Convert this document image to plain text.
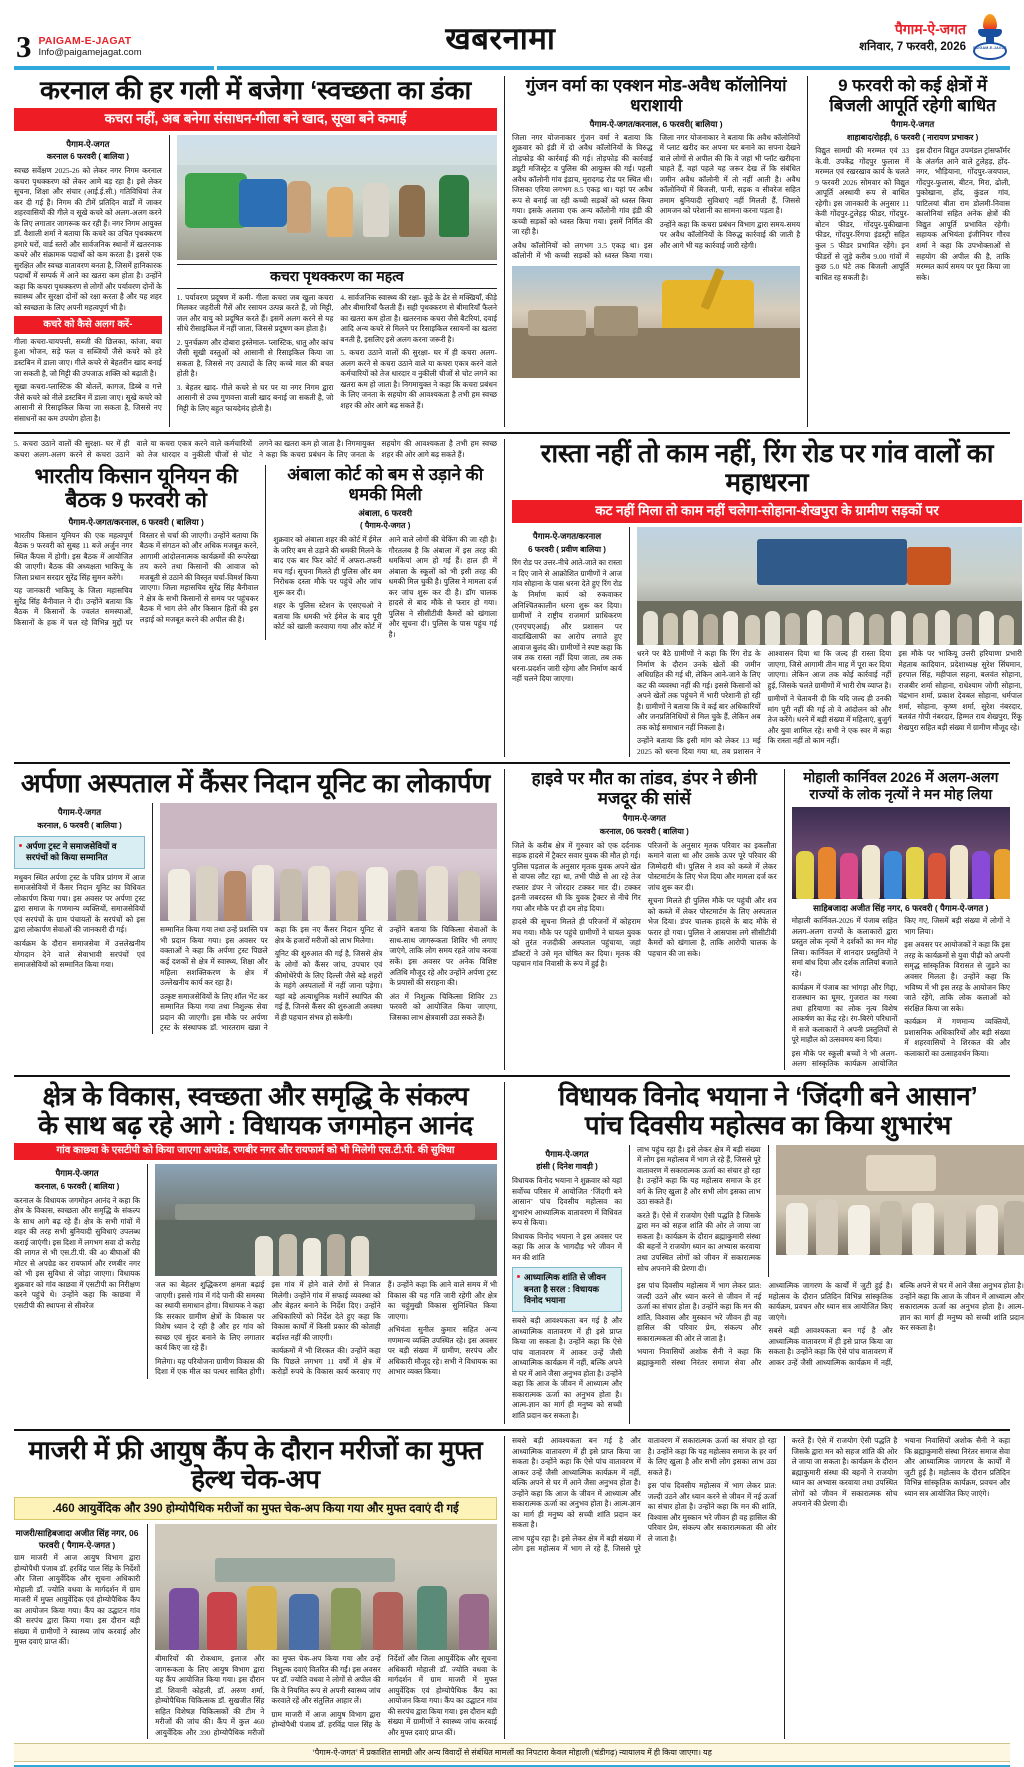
3 PAIGAM-E-JAGAT
Info@paigamejagat.com	खबरनामा	पैगाम-ऐ-जगत
शनिवार, 7 फरवरी, 2026 PAIGAM-E-JAGAT
करनाल की हर गली में बजेगा ‘स्वच्छता का डंका
कचरा नहीं, अब बनेगा संसाधन-गीला बने खाद, सूखा बने कमाई
पैगाम-ऐ-जगत
करनाल 6 फरवरी ( बालिया )

स्वच्छ सर्वेक्षण 2025-26 को लेकर नगर निगम करनाल कचरा पृथक्करण को लेकर आमे बड़ रहा है। इसे लेकर सूचना, शिक्षा और संचार (आई.ई.सी.) गतिविधियां तेज कर दी गई हैं। निगम की टीमें प्रतिदिन वार्डों में जाकर शहरवासियों की गीले व सूखे कचरे को अलग-अलग करने के लिए लगातार जागरूक कर रही हैं। नगर निगम आयुक्त डॉ. वैशाली शर्मा ने बताया कि कचरे का उचित पृथक्करण हमारे घरों, वार्ड स्तरों और सार्वजनिक स्थानों में खतरनाक कचरे और संक्रामक पदार्थों को कम करता है। इससे एक सुरक्षित और स्वच्छ वातावरण बनता है, जिसमें हानिकारक पदार्थों में सम्पर्क में आने का खतरा कम होता है। उन्होंने कहा कि कचरा पृथक्करण से लोगों और पर्यावरण दोनों के स्वास्थ्य और सुरक्षा दोनों को रक्षा करता है और यह शहर को स्वच्छता के लिए अपनी महत्वपूर्ण भी है।

कचरे को कैसे अलग करें-

गीला कचरा-चायपत्ती, सब्जी की छिलका, कांजा, बचा हुआ भोजन, सड़े फल व सब्जियों जैसे कचरे को हरे डस्टबिन में डाला जाए। गीले कचरे से बेहतरीन खाद बनाई जा सकती है, जो मिट्टी की उपजाऊ शक्ति को बढ़ाती है।

सूखा कचरा-प्लास्टिक की बोतलें, कागज, डिब्बे व गत्ते जैसे कचरे को नीले डस्टबिन में डाला जाए। सूखे कचरे को आसानी से रिसाइकिल किया जा सकता है, जिससे नए संसाधनों का कम उपयोग होता है।

कचरा पृथक्करण का महत्व

1. पर्यावरण प्रदूषण में कमी- गीला कचरा जब खुला कचरा मिलकर जहरीली गैसें और रसायन उत्पन्न करते हैं, जो मिट्टी, जल और वायु को प्रदूषित करते हैं। इसमें अलग करने से यह सीधे रीसाइकिल में नहीं जाता, जिससे प्रदूषण कम होता है।

2. पुनर्चक्रण और दोबारा इस्तेमाल- प्लास्टिक, धातु और कांच जैसी सूखी वस्तुओं को आसानी से रिसाइकिल किया जा सकता है, जिससे नए उत्पादों के लिए कच्चे माल की बचत होती है।

3. बेहतर खाद- गीले कचरे से घर पर या नगर निगम द्वारा आसानी से उच्च गुणवत्ता वाली खाद बनाई जा सकती है, जो मिट्टी के लिए बहुत फायदेमंद होती है।

4. सार्वजनिक स्वास्थ्य की रक्षा- कूड़े के ढेर से मक्खियाँ, कीड़े और बीमारियाँ फैलती हैं। सही पृथक्करण से बीमारियाँ फैलने का खतरा कम होता है। खतरनाक कचरा जैसे बैटरियां, दवाई आदि अन्य कचरे से मिलने पर रिसाइकिल रसायनों का खतरा बनती है, इसलिए इसे अलग करना जरूरी है।

5. कचरा उठाने वालों की सुरक्षा- घर में ही कचरा अलग-अलग करने से कचरा उठाने वाले या कचरा एकत्र करने वाले कर्मचारियों को तेज धारदार व नुकीली चीजों से चोट लगने का खतरा कम हो जाता है। निगमायुक्त ने कहा कि कचरा प्रबंधन के लिए जनता के सहयोग की आवश्यकता है तभी हम स्वच्छ शहर की ओर आगे बढ़ सकते हैं।

गुंजन वर्मा का एक्शन मोड-अवैध कॉलोनियां धराशायी
पैगाम-ऐ-जगत/करनाल, 6 फरवरी( बालिया )

जिला नगर योजनाकार गुंजन वर्मा ने बताया कि शुक्रवार को इंडी में दो अवैध कॉलोनियों के विरुद्ध तोड़फोड़ की कार्रवाई की गई। तोड़फोड़ की कार्रवाई ड्यूटी मजिस्ट्रेट व पुलिस की आयुक्त की गई। पहली अवैध कॉलोनी गांव इंडाच, मुरादगढ़ रोड पर स्थित थी। जिसका एरिया लगभग 8.5 एकड़ था। यहां पर अवैध रूप से बनाई जा रही कच्ची सड़कों को ध्वस्त किया गया। इसके अलावा एक अन्य कॉलोनी गांव इंडी की कच्ची सड़कों को ध्वस्त किया गया। इसमें निर्मित की जा रही है।

अवैध कॉलोनियों को लगभग 3.5 एकड़ था। इस कॉलोनी में भी कच्ची सड़कों को ध्वस्त किया गया। जिला नगर योजनाकार ने बताया कि अवैध कॉलोनियों में प्लाट खरीद कर अपना घर बनाने का सपना देखने वाले लोगों से अपील की कि वे जहां भी प्लॉट खरीदना चाहते हैं, वहां पहले यह जरूर देख लें कि संबंधित जमीन अवैध कॉलोनी में तो नहीं आती है। अवैध कॉलोनियों में बिजली, पानी, सड़क व सीवरेज सहित तमाम बुनियादी सुविधाएं नहीं मिलती हैं, जिससे आमजन को परेशानी का सामना करना पड़ता है।

उन्होंने कहा कि कचरा प्रबंधन विभाग द्वारा समय-समय पर अवैध कॉलोनियों के विरुद्ध कार्रवाई की जाती है और आगे भी यह कार्रवाई जारी रहेगी।

9 फरवरी को कई क्षेत्रों में बिजली आपूर्ति रहेगी बाधित
पैगाम-ऐ-जगत
शाहाबाद/रोहड़ी, 6 फरवरी ( नारायण प्रभाकर )

विद्युत सामग्री की मरम्मत एवं 33 के.वी. उपकेंद्र गोंदपुर फुलास में मरम्मत एवं रखरखाव कार्य के चलते 9 फरवरी 2026 सोमवार को विद्युत आपूर्ति अस्थायी रूप से बाधित रहेगी। इस जानकारी के अनुसार 11 केवी गोंदपुर-टुलेहड़ फीडर, गोंदपुर-बोटन फीडर, गोंदपुर-पुकीखाना फीडर, गोंदपुर-रिंगपा इंडस्ट्री सहित कुल 5 फीडर प्रभावित रहेंगे। इन फीडरों से जुड़े करीब 9.00 गांवों में कुछ 5.0 घंटे तक बिजली आपूर्ति बाधित रह सकती है।

इस दौरान विद्युत उपमंडल ट्रांसफॉर्मर के अंतर्गत आने वाले टुलेहड़, होंद-नगर, भौड़ियाना, गोंदपुर-जयपाल, गोंदपुर-फुलास, बीटन, मिरा, ढोली, पुकोखाना, होंद, कुंडल गांव, पाटिलयां बीता राम डोलमी-निवास कालोनियां सहित अनेक क्षेत्रों की विद्युत आपूर्ति प्रभावित रहेगी। सहायक अभियंता इंजीनियर गौरव शर्मा ने कहा कि उपभोक्ताओं से सहयोग की अपील की है, ताकि मरम्मत कार्य समय पर पूरा किया जा सके।

5. कचरा उठाने वालों की सुरक्षा- घर में ही कचरा अलग-अलग करने से कचरा उठाने वाले या कचरा एकत्र करने वाले कर्मचारियों को तेज धारदार व नुकीली चीजों से चोट लगने का खतरा कम हो जाता है। निगमायुक्त ने कहा कि कचरा प्रबंधन के लिए जनता के सहयोग की आवश्यकता है तभी हम स्वच्छ शहर की ओर आगे बढ़ सकते हैं।

भारतीय किसान यूनियन की बैठक 9 फरवरी को
पैगाम-ऐ-जगत/करनाल, 6 फरवरी ( बालिया )

भारतीय किसान यूनियन की एक महत्वपूर्ण बैठक 9 फरवरी को सुबह 11 बजे अर्जुन नगर स्थित कैंपस में होगी। इस बैठक में आयोजित की जाएगी। बैठक की अध्यक्षता भाकियू के जिला प्रधान सरदार सुरेंद्र सिंह सुमन करेंगे।

यह जानकारी भाकियू के जिला महासचिव सुरेंद्र सिंह बैनीवाल ने दी। उन्होंने बताया कि बैठक में किसानों के ज्वलंत समस्याओं, किसानों के हक में चल रहे विभिन्न मुद्दों पर विस्तार से चर्चा की जाएगी। उन्होंने बताया कि बैठक में संगठन को और अधिक मजबूत करने, आगामी आंदोलनात्मक कार्यक्रमों की रूपरेखा तय करने तथा किसानों की आवाज को मजबूती से उठाने की विस्तृत चर्चा-विमर्श किया जाएगा। जिला महासचिव सुरेंद्र सिंह बैनीवाल ने क्षेत्र के सभी किसानों से समय पर पहुंचकर बैठक में भाग लेने और किसान हितों की इस लड़ाई को मजबूत करने की अपील की है।

अंबाला कोर्ट को बम से उड़ाने की धमकी मिली
अंबाला, 6 फरवरी
( पैगाम-ऐ-जगत )

शुक्रवार को अंबाला शहर की कोर्ट में ईमेल के जरिए बम से उड़ाने की धमकी मिलने के बाद एक बार फिर कोर्ट में अफरा-तफरी मच गई। सूचना मिलते ही पुलिस और बम निरोधक दस्ता मौके पर पहुंचे और जांच शुरू कर दी।

शहर के पुलिस स्टेशन के एसएचओ ने बताया कि धमकी भरे ईमेल के बाद पूरी कोर्ट को खाली करवाया गया और कोर्ट में आने वाले लोगों की चेकिंग की जा रही है। गौरतलब है कि अंबाला में इस तरह की धमकियां आम हो गई हैं। हाल ही में अंबाला के स्कूलों को भी इसी तरह की धमकी मिल चुकी है। पुलिस ने मामला दर्ज कर जांच शुरू कर दी है। डॉग चालक हादसे से बाद मौके से फरार हो गया। पुलिस ने सीसीटीवी कैमरों को खंगाला और सूचना दी। पुलिस के पास पहुंच गई है।

रास्ता नहीं तो काम नहीं, रिंग रोड पर गांव वालों का महाधरना
कट नहीं मिला तो काम नहीं चलेगा-सोहाना-शेखपुरा के ग्रामीण सड़कों पर
पैगाम-ऐ-जगत/करनाल
6 फरवरी ( प्रवीण बालिया )

रिंग रोड पर उत्तर-नीचे आते-जाते का रास्ता न दिए जाने से आक्रोशित ग्रामीणों ने आज गांव सोहाना के पास धरना देते हुए रिंग रोड के निर्माण कार्य को रुकवाकर अनिश्चितकालीन धरना शुरू कर दिया। ग्रामीणों ने राष्ट्रीय राजमार्ग प्राधिकरण (एनएचएआई) और प्रशासन पर वादाखिलाफी का आरोप लगाते हुए आवाज बुलंद की। ग्रामीणों ने स्पष्ट कहा कि जब तक रास्ता नहीं दिया जाता, तब तक धरना-प्रदर्शन जारी रहेगा और निर्माण कार्य नहीं चलने दिया जाएगा।

धरने पर बैठे ग्रामीणों ने कहा कि रिंग रोड के निर्माण के दौरान उनके खेतों की जमीन अधिग्रहित की गई थी, लेकिन आने-जाने के लिए कट की व्यवस्था नहीं की गई। इससे किसानों को अपने खेतों तक पहुंचने में भारी परेशानी हो रही है। ग्रामीणों ने बताया कि वे कई बार अधिकारियों और जनप्रतिनिधियों से मिल चुके हैं, लेकिन अब तक कोई समाधान नहीं निकला है।

उन्होंने बताया कि इसी मांग को लेकर 13 मई 2025 को धरना दिया गया था, तब प्रशासन ने आश्वासन दिया था कि जल्द ही रास्ता दिया जाएगा, जिसे आगामी तीन माह में पूरा कर दिया जाएगा। लेकिन आज तक कोई कार्रवाई नहीं हुई, जिसके चलते ग्रामीणों में भारी रोष व्याप्त है।

ग्रामीणों ने चेतावनी दी कि यदि जल्द ही उनकी मांग पूरी नहीं की गई तो वे आंदोलन को और तेज करेंगे। धरने में बड़ी संख्या में महिलाएं, बुजुर्ग और युवा शामिल रहे। सभी ने एक स्वर में कहा कि रास्ता नहीं तो काम नहीं।

इस मौके पर भाकियू उत्तरी हरियाणा प्रभारी मेहताब कादियान, प्रदेशाध्यक्ष सुरेश सिंघमान, हरपाल सिंह, महीपाल सहना, बलवंत सोहाना, राजबीर शर्मा सोहाना, राधेश्याम जोगी सोहाना, चंद्रभान शर्मा, प्रकाश देवबल सोहाना, धर्मपाल शर्मा, सोहाना, कृष्ण शर्मा, सुरेश नंबरदार, बलवंत गोपी नंबरदार, हिम्मत राय शेखपुरा, रिंकू शेखपुरा सहित बड़ी संख्या में ग्रामीण मौजूद रहे।

अर्पणा अस्पताल में कैंसर निदान यूनिट का लोकार्पण
पैगाम-ऐ-जगत
करनाल, 6 फरवरी ( बालिया )
अर्पणा ट्रस्ट ने समाजसेवियों व सरपंचों को किया सम्मानित

मधुबन स्थित अर्पणा ट्रस्ट के पवित्र प्रांगण में आज समाजसेवियों में कैंसर निदान यूनिट का विधिवत लोकार्पण किया गया। इस अवसर पर अर्पणा ट्रस्ट द्वारा समाज के गणमान्य व्यक्तियों, समाजसेवियों एवं सरपंचों के ग्राम पंचायतों के सरपंचों को इस द्वारा लोकार्पण सेवाओं की जानकारी दी गई।

कार्यक्रम के दौरान समाजसेवा में उत्तलेखनीय योगदान देने वाले सेवाभावी सरपंचों एवं समाजसेवियों को सम्मानित किया गया।

सम्मानित किया गया तथा उन्हें प्रशस्ति पत्र भी प्रदान किया गया। इस अवसर पर वक्ताओं ने कहा कि अर्पणा ट्रस्ट पिछले कई दशकों से क्षेत्र में स्वास्थ्य, शिक्षा और महिला सशक्तिकरण के क्षेत्र में उल्लेखनीय कार्य कर रहा है।

उत्कृष्ट समाजसेवियों के लिए शॉल भेंट कर सम्मानित किया गया तथा निशुल्क सेवा प्रदान की जाएगी। इस मौके पर अर्पणा ट्रस्ट के संस्थापक डॉ. भारतराम खन्ना ने कहा कि इस नए कैंसर निदान यूनिट से क्षेत्र के हजारों मरीजों को लाभ मिलेगा।

यूनिट की शुरुआत की गई है, जिससे क्षेत्र के लोगों को कैंसर जांच, उपचार एवं कीमोथेरेपी के लिए दिल्ली जैसे बड़े शहरों के महंगे अस्पतालों में नहीं जाना पड़ेगा। यहां बड़े अत्याधुनिक मशीनें स्थापित की गई हैं, जिनसे कैंसर की शुरुआती अवस्था में ही पहचान संभव हो सकेगी।

उन्होंने बताया कि चिकित्सा सेवाओं के साथ-साथ जागरूकता शिविर भी लगाए जाएंगे, ताकि लोग समय रहते जांच करवा सकें। इस अवसर पर अनेक विशिष्ट अतिथि मौजूद रहे और उन्होंने अर्पणा ट्रस्ट के प्रयासों की सराहना की।

अंत में निशुल्क चिकित्सा शिविर 23 फरवरी को आयोजित किया जाएगा, जिसका लाभ क्षेत्रवासी उठा सकते हैं।

हाइवे पर मौत का तांडव, डंपर ने छीनी मजदूर की सांसें
पैगाम-ऐ-जगत
करनाल, 06 फरवरी ( बालिया )

जिले के करीब क्षेत्र में गुरुवार को एक दर्दनाक सड़क हादसे में ट्रैक्टर सवार युवक की मौत हो गई। पुलिस पड़ताल के अनुसार मृतक युवक अपने खेत से वापस लौट रहा था, तभी पीछे से आ रहे तेज रफ्तार डंपर ने जोरदार टक्कर मार दी। टक्कर इतनी जबरदस्त थी कि युवक ट्रैक्टर से नीचे गिर गया और मौके पर ही दम तोड़ दिया।

हादसे की सूचना मिलते ही परिजनों में कोहराम मच गया। मौके पर पहुंचे ग्रामीणों ने घायल युवक को तुरंत नजदीकी अस्पताल पहुंचाया, जहां डॉक्टरों ने उसे मृत घोषित कर दिया। मृतक की पहचान गांव निवासी के रूप में हुई है।

परिजनों के अनुसार मृतक परिवार का इकलौता कमाने वाला था और उसके ऊपर पूरे परिवार की जिम्मेदारी थी। पुलिस ने शव को कब्जे में लेकर पोस्टमार्टम के लिए भेज दिया और मामला दर्ज कर जांच शुरू कर दी।

सूचना मिलते ही पुलिस मौके पर पहुंची और शव को कब्जे में लेकर पोस्टमार्टम के लिए अस्पताल भेज दिया। डंपर चालक हादसे के बाद मौके से फरार हो गया। पुलिस ने आसपास लगे सीसीटीवी कैमरों को खंगाला है, ताकि आरोपी चालक के पहचान की जा सके।

मोहाली कार्निवल 2026 में अलग-अलग राज्यों के लोक नृत्यों ने मन मोह लिया
साहिबजादा अजीत सिंह नगर, 6 फरवरी ( पैगाम-ऐ-जगत )

मोहाली कार्निवल-2026 में पंजाब सहित अलग-अलग राज्यों के कलाकारों द्वारा प्रस्तुत लोक नृत्यों ने दर्शकों का मन मोह लिया। कार्निवल में शानदार प्रस्तुतियों ने समां बांध दिया और दर्शक तालियां बजाते रहे।

कार्यक्रम में पंजाब का भांगड़ा और गिद्दा, राजस्थान का घूमर, गुजरात का गरबा तथा हरियाणा का लोक नृत्य विशेष आकर्षण का केंद्र रहे। रंग-बिरंगे परिधानों में सजे कलाकारों ने अपनी प्रस्तुतियों से पूरे माहौल को उत्सवमय बना दिया।

इस मौके पर स्कूली बच्चों ने भी अलग-अलग सांस्कृतिक कार्यक्रम आयोजित किए गए, जिसमें बड़ी संख्या में लोगों ने भाग लिया।

इस अवसर पर आयोजकों ने कहा कि इस तरह के कार्यक्रमों से युवा पीढ़ी को अपनी समृद्ध सांस्कृतिक विरासत से जुड़ने का अवसर मिलता है। उन्होंने कहा कि भविष्य में भी इस तरह के आयोजन किए जाते रहेंगे, ताकि लोक कलाओं को संरक्षित किया जा सके।

कार्यक्रम में गणमान्य व्यक्तियों, प्रशासनिक अधिकारियों और बड़ी संख्या में शहरवासियों ने शिरकत की और कलाकारों का उत्साहवर्धन किया।

क्षेत्र के विकास, स्वच्छता और समृद्धि के संकल्प
के साथ बढ़ रहे आगे : विधायक जगमोहन आनंद
गांव काछवा के एसटीपी को किया जाएगा अपग्रेड, रणबीर नगर और रायफार्म को भी मिलेगी एस.टी.पी. की सुविधा
पैगाम-ऐ-जगत
करनाल, 6 फरवरी ( बालिया )

करनाल के विधायक जगमोहन आनंद ने कहा कि क्षेत्र के विकास, स्वच्छता और समृद्धि के संकल्प के साथ आगे बढ़ रहे हैं। क्षेत्र के सभी गांवों में शहर की तरह सभी बुनियादी सुविधाएं उपलब्ध कराई जाएंगी। इस दिशा में लगभग सवा दो करोड़ की लागत से भी एस.टी.पी. की 40 बीघाओं की मोटर से अपग्रेड कर रायफार्म और रणबीर नगर को भी इस सुविधा से जोड़ा जाएगा। विधायक शुक्रवार को गांव काछवा में एसटीपी का निरीक्षण करने पहुंचे थे। उन्होंने कहा कि काछवा में एसटीपी की स्थापना से सीवरेज

जल का बेहतर शुद्धिकरण क्षमता बढ़ाई जाएगी। इससे गांव में गंदे पानी की समस्या का स्थायी समाधान होगा। विधायक ने कहा कि सरकार ग्रामीण क्षेत्रों के विकास पर विशेष ध्यान दे रही है और हर गांव को स्वच्छ एवं सुंदर बनाने के लिए लगातार कार्य किए जा रहे हैं।

मिलेगा। यह परियोजना ग्रामीण विकास की दिशा में एक मील का पत्थर साबित होगी। इस गांव में होने वाले रोगों से निजात मिलेगी। उन्होंने गांव में सफाई व्यवस्था को और बेहतर बनाने के निर्देश दिए। उन्होंने अधिकारियों को निर्देश देते हुए कहा कि विकास कार्यों में किसी प्रकार की कोताही बर्दाश्त नहीं की जाएगी।

कार्यक्रमों में भी शिरकत की। उन्होंने कहा कि पिछले लगभग 11 वर्षों में क्षेत्र में करोड़ों रुपये के विकास कार्य करवाए गए हैं। उन्होंने कहा कि आने वाले समय में भी विकास की यह गति जारी रहेगी और क्षेत्र का चहुंमुखी विकास सुनिश्चित किया जाएगा।

अभियंता सुनील कुमार सहित अन्य गणमान्य व्यक्ति उपस्थित रहे। इस अवसर पर बड़ी संख्या में ग्रामीण, सरपंच और अधिकारी मौजूद रहे। सभी ने विधायक का आभार व्यक्त किया।

विधायक विनोद भयाना ने ‘जिंदगी बने आसान’
पांच दिवसीय महोत्सव का किया शुभारंभ
पैगाम-ऐ-जगत
हांसी ( दिनेश गावड़ी )

विधायक विनोद भयाना ने शुक्रवार को यहां सर्वोच्च परिसर में आयोजित ‘जिंदगी बने आसान’ पांच दिवसीय महोत्सव का शुभारंभ आध्यात्मिक वातावरण में विधिवत रूप से किया।

विधायक विनोद भयाना ने इस अवसर पर कहा कि आज के भागदौड़ भरे जीवन में मन की शांति

आध्यात्मिक शांति से जीवन बनता है सरल : विधायक विनोद भयाना

सबसे बड़ी आवश्यकता बन गई है और आध्यात्मिक वातावरण में ही इसे प्राप्त किया जा सकता है। उन्होंने कहा कि ऐसे पांच वातावरण में आकर उन्हें जैसी आध्यात्मिक कार्यक्रम में नहीं, बल्कि अपने से घर में आने जैसा अनुभव होता है। उन्होंने कहा कि आज के जीवन में आध्यात्म और सकारात्मक ऊर्जा का अनुभव होता है। आत्म-ज्ञान का मार्ग ही मनुष्य को सच्ची शांति प्रदान कर सकता है।

लाभ पहुंच रहा है। इसे लेकर क्षेत्र में बड़ी संख्या में लोग इस महोत्सव में भाग ले रहे हैं, जिससे पूरे वातावरण में सकारात्मक ऊर्जा का संचार हो रहा है। उन्होंने कहा कि यह महोत्सव समाज के हर वर्ग के लिए खुला है और सभी लोग इसका लाभ उठा सकते हैं।

करते हैं। ऐसे में राजयोग ऐसी पद्धति है जिसके द्वारा मन को सहज शांति की ओर ले जाया जा सकता है। कार्यक्रम के दौरान ब्रह्माकुमारी संस्था की बहनों ने राजयोग ध्यान का अभ्यास करवाया तथा उपस्थित लोगों को जीवन में सकारात्मक सोच अपनाने की प्रेरणा दी।

इस पांच दिवसीय महोत्सव में भाग लेकर प्रात: जल्दी उठने और ध्यान करने से जीवन में नई ऊर्जा का संचार होता है। उन्होंने कहा कि मन की शांति, विश्वास और मुस्कान भरे जीवन ही वह हासिल की परिवार प्रेम, संकल्प और सकारात्मकता की ओर ले जाता है।

भयाना निवासियों अशोक सैनी ने कहा कि ब्रह्माकुमारी संस्था निरंतर समाज सेवा और आध्यात्मिक जागरण के कार्यों में जुटी हुई है। महोत्सव के दौरान प्रतिदिन विभिन्न सांस्कृतिक कार्यक्रम, प्रवचन और ध्यान सत्र आयोजित किए जाएंगे।

सबसे बड़ी आवश्यकता बन गई है और आध्यात्मिक वातावरण में ही इसे प्राप्त किया जा सकता है। उन्होंने कहा कि ऐसे पांच वातावरण में आकर उन्हें जैसी आध्यात्मिक कार्यक्रम में नहीं, बल्कि अपने से घर में आने जैसा अनुभव होता है। उन्होंने कहा कि आज के जीवन में आध्यात्म और सकारात्मक ऊर्जा का अनुभव होता है। आत्म-ज्ञान का मार्ग ही मनुष्य को सच्ची शांति प्रदान कर सकता है।

माजरी में फ्री आयुष कैंप के दौरान मरीजों का मुफ्त हेल्थ चेक-अप
.460 आयुर्वेदिक और 390 होम्योपैथिक मरीजों का मुफ्त चेक-अप किया गया और मुफ्त दवाएं दी गई
माजरी/साहिबजादा अजीत सिंह नगर, 06 फरवरी ( पैगाम-ऐ-जगत )

ग्राम माजरी में आज आयुष विभाग द्वारा होम्योपैथी पंजाब डॉ. हरविंद्र पाल सिंह के निर्देशों और जिला आयुर्वेदिक और सूचना अधिकारी मोहाली डॉ. ज्योति वधवा के मार्गदर्शन में ग्राम माजरी में मुफ्त आयुर्वेदिक एवं होम्योपैथिक कैंप का आयोजन किया गया। कैंप का उद्घाटन गांव की सरपंच द्वारा किया गया। इस दौरान बड़ी संख्या में ग्रामीणों ने स्वास्थ्य जांच करवाई और मुफ्त दवाएं प्राप्त कीं।

बीमारियों की रोकथाम, इलाज और जागरूकता के लिए आयुष विभाग द्वारा यह कैंप आयोजित किया गया। इस दौरान डॉ. शिवानी कोहली, डॉ. अरुण शर्मा, होम्योपैथिक चिकित्सक डॉ. सुखजीत सिंह सहित विशेषज्ञ चिकित्सकों की टीम ने मरीजों की जांच की। कैंप में कुल 460 आयुर्वेदिक और 390 होम्योपैथिक मरीजों का मुफ्त चेक-अप किया गया और उन्हें निशुल्क दवाएं वितरित की गईं। इस अवसर पर डॉ. ज्योति वधवा ने लोगों से अपील की कि वे नियमित रूप से अपनी स्वास्थ्य जांच करवाते रहें और संतुलित आहार लें।

ग्राम माजरी में आज आयुष विभाग द्वारा होम्योपैथी पंजाब डॉ. हरविंद्र पाल सिंह के निर्देशों और जिला आयुर्वेदिक और सूचना अधिकारी मोहाली डॉ. ज्योति वधवा के मार्गदर्शन में ग्राम माजरी में मुफ्त आयुर्वेदिक एवं होम्योपैथिक कैंप का आयोजन किया गया। कैंप का उद्घाटन गांव की सरपंच द्वारा किया गया। इस दौरान बड़ी संख्या में ग्रामीणों ने स्वास्थ्य जांच करवाई और मुफ्त दवाएं प्राप्त कीं।

सबसे बड़ी आवश्यकता बन गई है और आध्यात्मिक वातावरण में ही इसे प्राप्त किया जा सकता है। उन्होंने कहा कि ऐसे पांच वातावरण में आकर उन्हें जैसी आध्यात्मिक कार्यक्रम में नहीं, बल्कि अपने से घर में आने जैसा अनुभव होता है। उन्होंने कहा कि आज के जीवन में आध्यात्म और सकारात्मक ऊर्जा का अनुभव होता है। आत्म-ज्ञान का मार्ग ही मनुष्य को सच्ची शांति प्रदान कर सकता है।

लाभ पहुंच रहा है। इसे लेकर क्षेत्र में बड़ी संख्या में लोग इस महोत्सव में भाग ले रहे हैं, जिससे पूरे वातावरण में सकारात्मक ऊर्जा का संचार हो रहा है। उन्होंने कहा कि यह महोत्सव समाज के हर वर्ग के लिए खुला है और सभी लोग इसका लाभ उठा सकते हैं।

इस पांच दिवसीय महोत्सव में भाग लेकर प्रात: जल्दी उठने और ध्यान करने से जीवन में नई ऊर्जा का संचार होता है। उन्होंने कहा कि मन की शांति, विश्वास और मुस्कान भरे जीवन ही वह हासिल की परिवार प्रेम, संकल्प और सकारात्मकता की ओर ले जाता है।

करते हैं। ऐसे में राजयोग ऐसी पद्धति है जिसके द्वारा मन को सहज शांति की ओर ले जाया जा सकता है। कार्यक्रम के दौरान ब्रह्माकुमारी संस्था की बहनों ने राजयोग ध्यान का अभ्यास करवाया तथा उपस्थित लोगों को जीवन में सकारात्मक सोच अपनाने की प्रेरणा दी।

भयाना निवासियों अशोक सैनी ने कहा कि ब्रह्माकुमारी संस्था निरंतर समाज सेवा और आध्यात्मिक जागरण के कार्यों में जुटी हुई है। महोत्सव के दौरान प्रतिदिन विभिन्न सांस्कृतिक कार्यक्रम, प्रवचन और ध्यान सत्र आयोजित किए जाएंगे।

‘पैगाम-ऐ-जगत’ में प्रकाशित सामग्री और अन्य विवादों से संबंधित मामलों का निपटारा केवल मोहाली (चंडीगढ़) न्यायालय में ही किया जाएगा। यह
